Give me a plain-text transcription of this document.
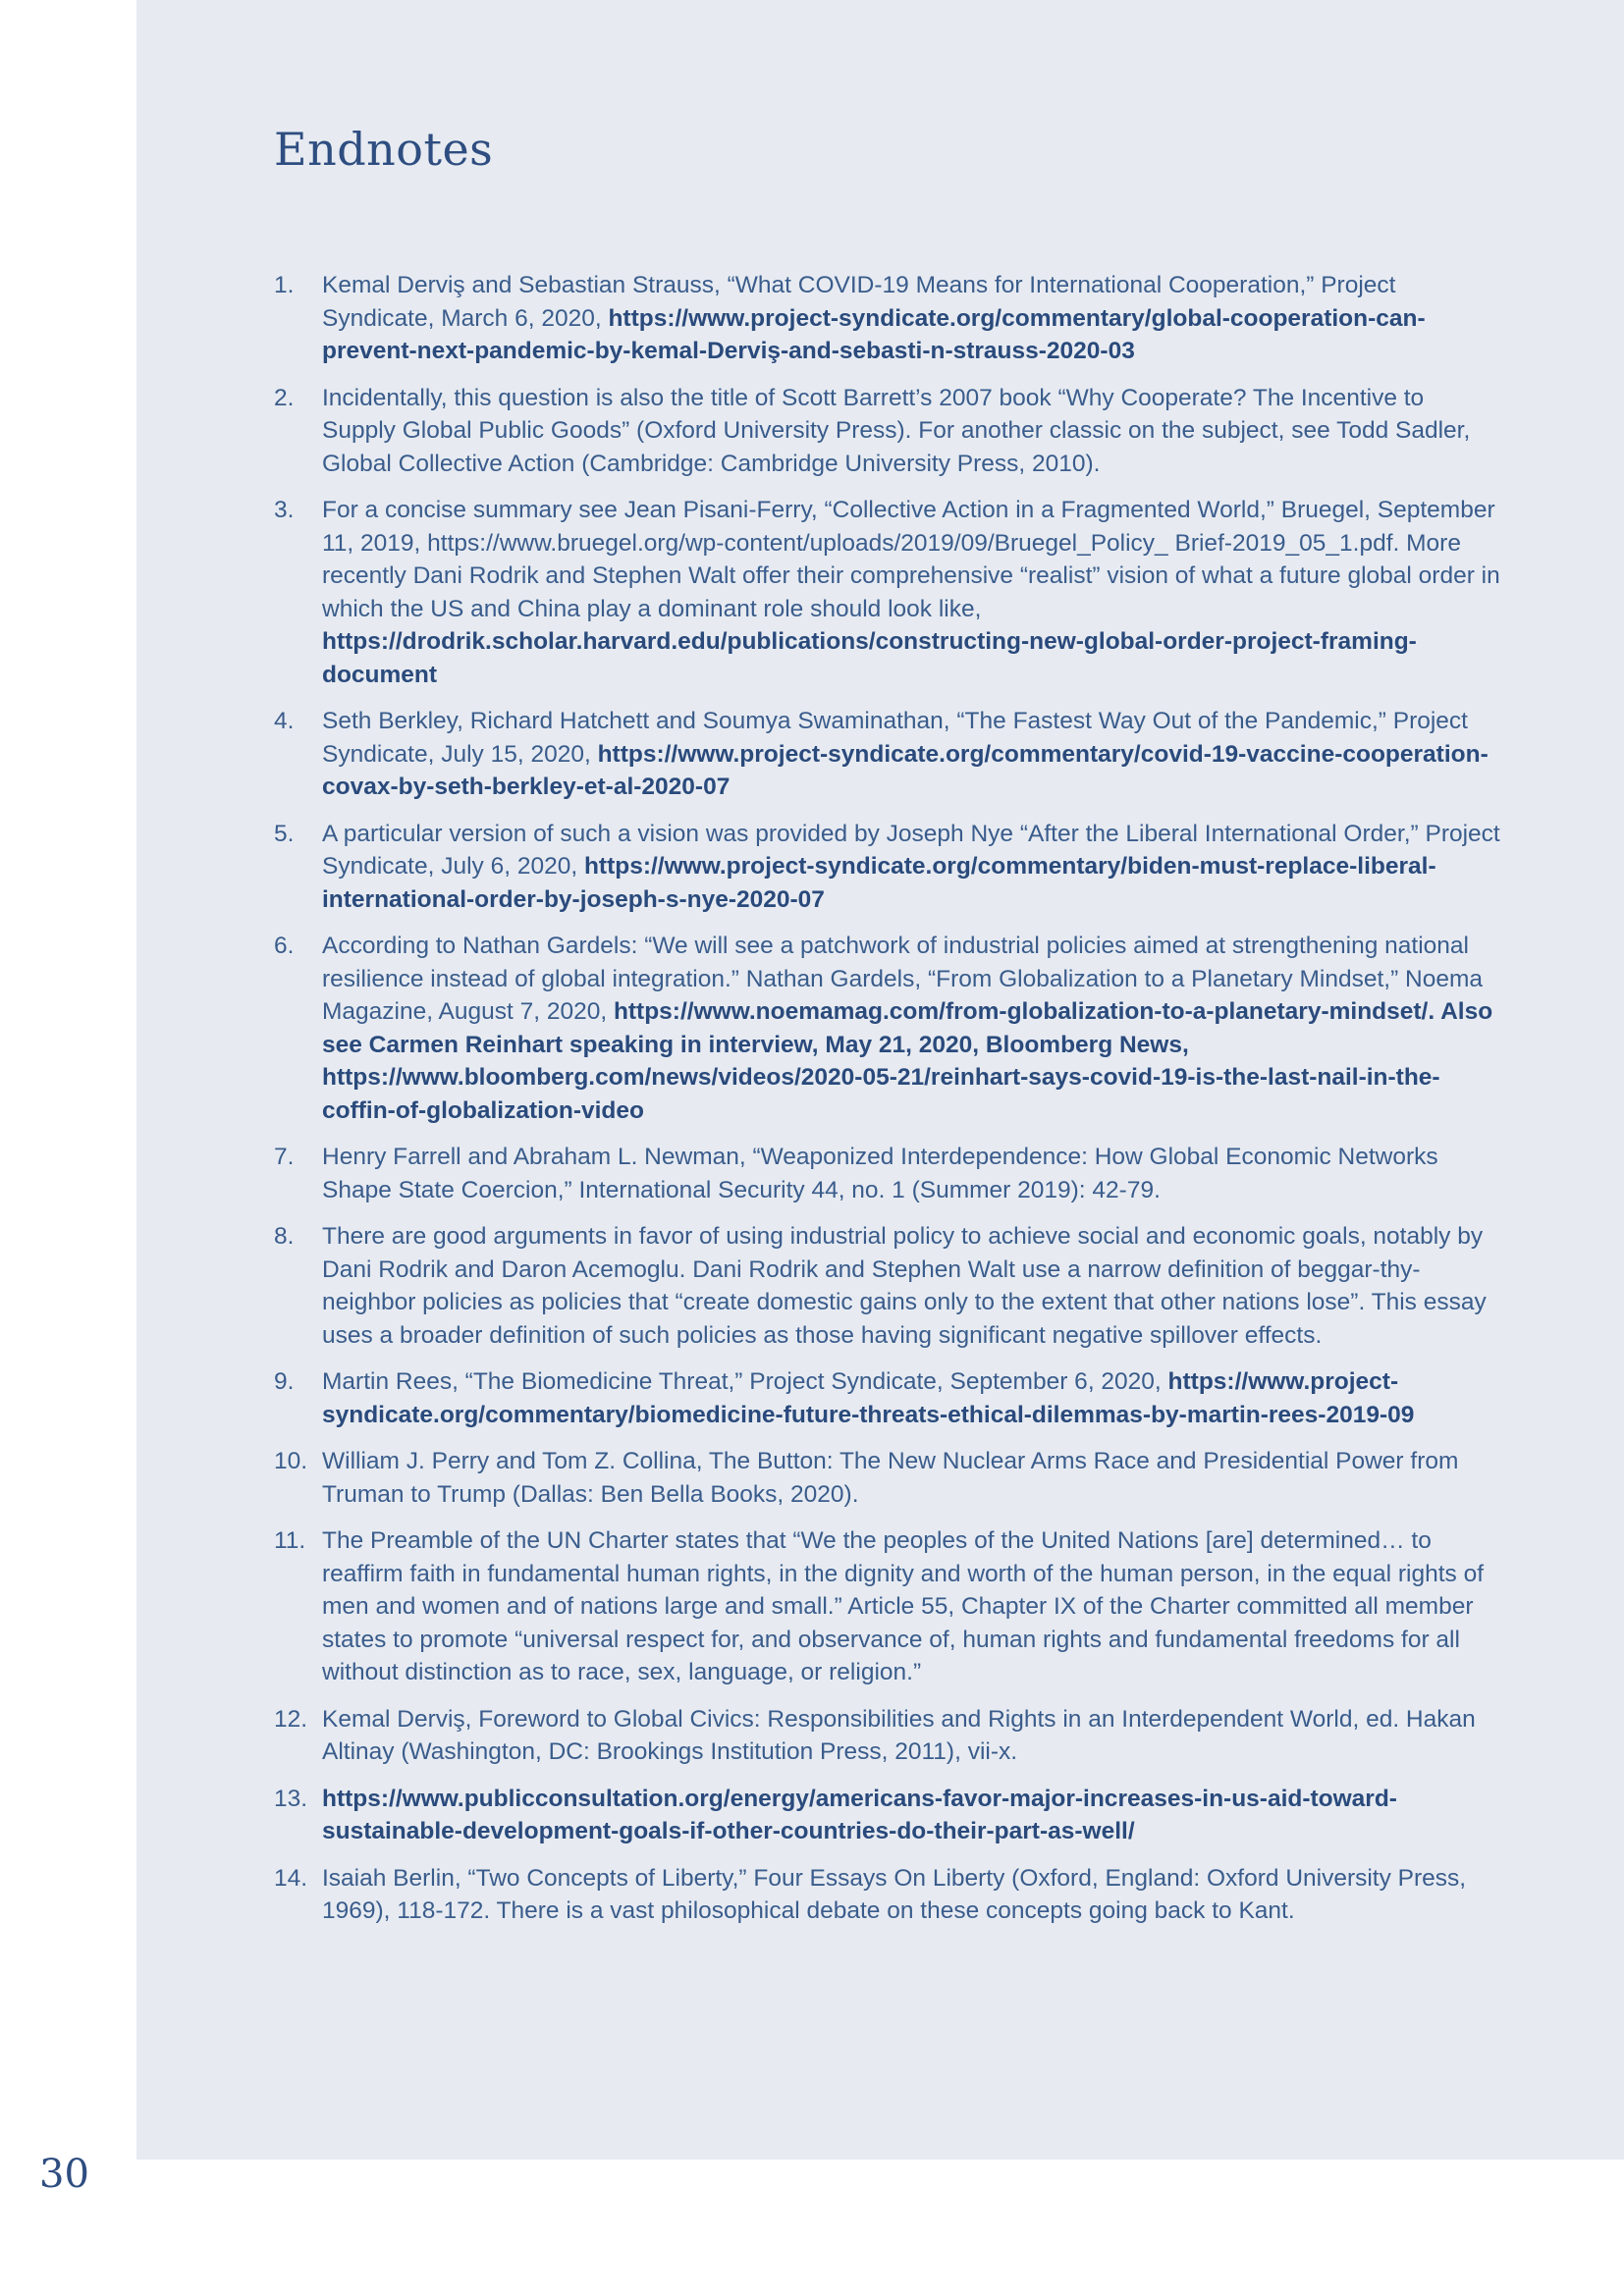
Endnotes
1.	Kemal Derviş and Sebastian Strauss, “What COVID-19 Means for International Cooperation,” Project Syndicate, March 6, 2020, https://www.project-syndicate.org/commentary/global-cooperation-can-prevent-next-pandemic-by-kemal-Derviş-and-sebasti-n-strauss-2020-03
2.	Incidentally, this question is also the title of Scott Barrett’s 2007 book “Why Cooperate? The Incentive to Supply Global Public Goods” (Oxford University Press). For another classic on the subject, see Todd Sadler, Global Collective Action (Cambridge: Cambridge University Press, 2010).
3.	For a concise summary see Jean Pisani-Ferry, “Collective Action in a Fragmented World,” Bruegel, September 11, 2019, https://www.bruegel.org/wp-content/uploads/2019/09/Bruegel_Policy_ Brief-2019_05_1.pdf. More recently Dani Rodrik and Stephen Walt offer their comprehensive “realist” vision of what a future global order in which the US and China play a dominant role should look like, https://drodrik.scholar.harvard.edu/publications/constructing-new-global-order-project-framing-document
4.	Seth Berkley, Richard Hatchett and Soumya Swaminathan, “The Fastest Way Out of the Pandemic,” Project Syndicate, July 15, 2020, https://www.project-syndicate.org/commentary/covid-19-vaccine-cooperation-covax-by-seth-berkley-et-al-2020-07
5.	A particular version of such a vision was provided by Joseph Nye “After the Liberal International Order,” Project Syndicate, July 6, 2020, https://www.project-syndicate.org/commentary/biden-must-replace-liberal-international-order-by-joseph-s-nye-2020-07
6.	According to Nathan Gardels: “We will see a patchwork of industrial policies aimed at strengthening national resilience instead of global integration.” Nathan Gardels, “From Globalization to a Planetary Mindset,” Noema Magazine, August 7, 2020, https://www.noemamag.com/from-globalization-to-a-planetary-mindset/. Also see Carmen Reinhart speaking in interview, May 21, 2020, Bloomberg News, https://www.bloomberg.com/news/videos/2020-05-21/reinhart-says-covid-19-is-the-last-nail-in-the-coffin-of-globalization-video
7.	Henry Farrell and Abraham L. Newman, “Weaponized Interdependence: How Global Economic Networks Shape State Coercion,” International Security 44, no. 1 (Summer 2019): 42-79.
8.	There are good arguments in favor of using industrial policy to achieve social and economic goals, notably by Dani Rodrik and Daron Acemoglu. Dani Rodrik and Stephen Walt use a narrow definition of beggar-thy-neighbor policies as policies that “create domestic gains only to the extent that other nations lose”. This essay uses a broader definition of such policies as those having significant negative spillover effects.
9.	Martin Rees, “The Biomedicine Threat,” Project Syndicate, September 6, 2020, https://www.project-syndicate.org/commentary/biomedicine-future-threats-ethical-dilemmas-by-martin-rees-2019-09
10. William J. Perry and Tom Z. Collina, The Button: The New Nuclear Arms Race and Presidential Power from Truman to Trump (Dallas: Ben Bella Books, 2020).
11. The Preamble of the UN Charter states that “We the peoples of the United Nations [are] determined… to reaffirm faith in fundamental human rights, in the dignity and worth of the human person, in the equal rights of men and women and of nations large and small.” Article 55, Chapter IX of the Charter committed all member states to promote “universal respect for, and observance of, human rights and fundamental freedoms for all without distinction as to race, sex, language, or religion.”
12. Kemal Derviş, Foreword to Global Civics: Responsibilities and Rights in an Interdependent World, ed. Hakan Altinay (Washington, DC: Brookings Institution Press, 2011), vii-x.
13. https://www.publicconsultation.org/energy/americans-favor-major-increases-in-us-aid-toward-sustainable-development-goals-if-other-countries-do-their-part-as-well/
14. Isaiah Berlin, “Two Concepts of Liberty,” Four Essays On Liberty (Oxford, England: Oxford University Press, 1969), 118-172. There is a vast philosophical debate on these concepts going back to Kant.
30
